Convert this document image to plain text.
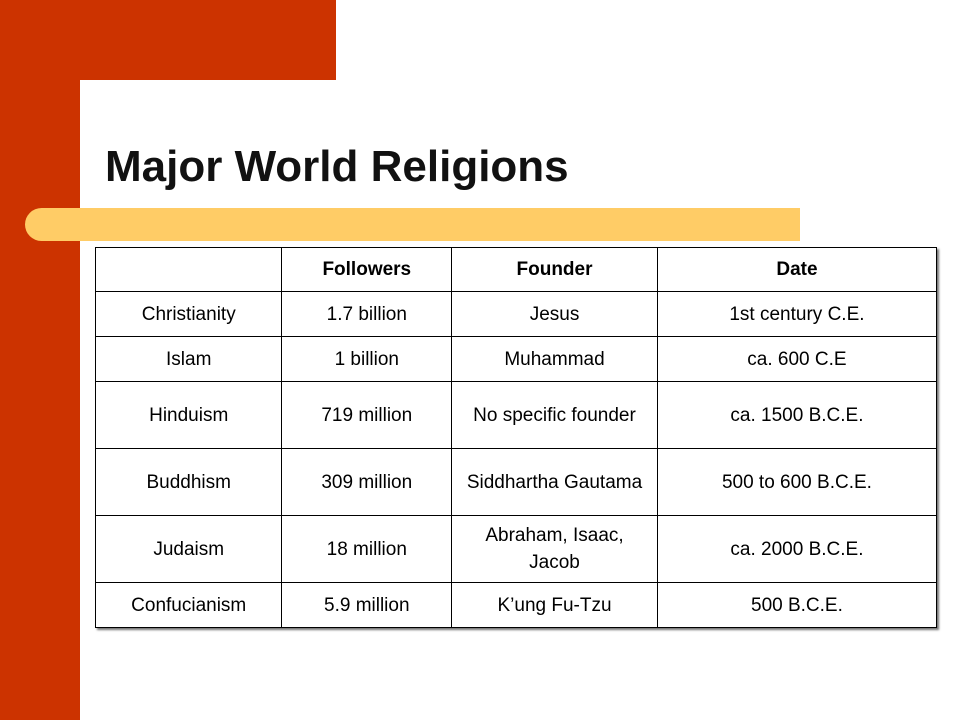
Major World Religions
	Followers	Founder	Date
Christianity	1.7 billion	Jesus	1st century C.E.
Islam	1 billion	Muhammad	ca. 600 C.E
Hinduism	719 million	No specific founder	ca. 1500 B.C.E.
Buddhism	309 million	Siddhartha Gautama	500 to 600 B.C.E.
Judaism	18 million	Abraham, Isaac, Jacob	ca. 2000 B.C.E.
Confucianism	5.9 million	K’ung Fu-Tzu	500 B.C.E.
